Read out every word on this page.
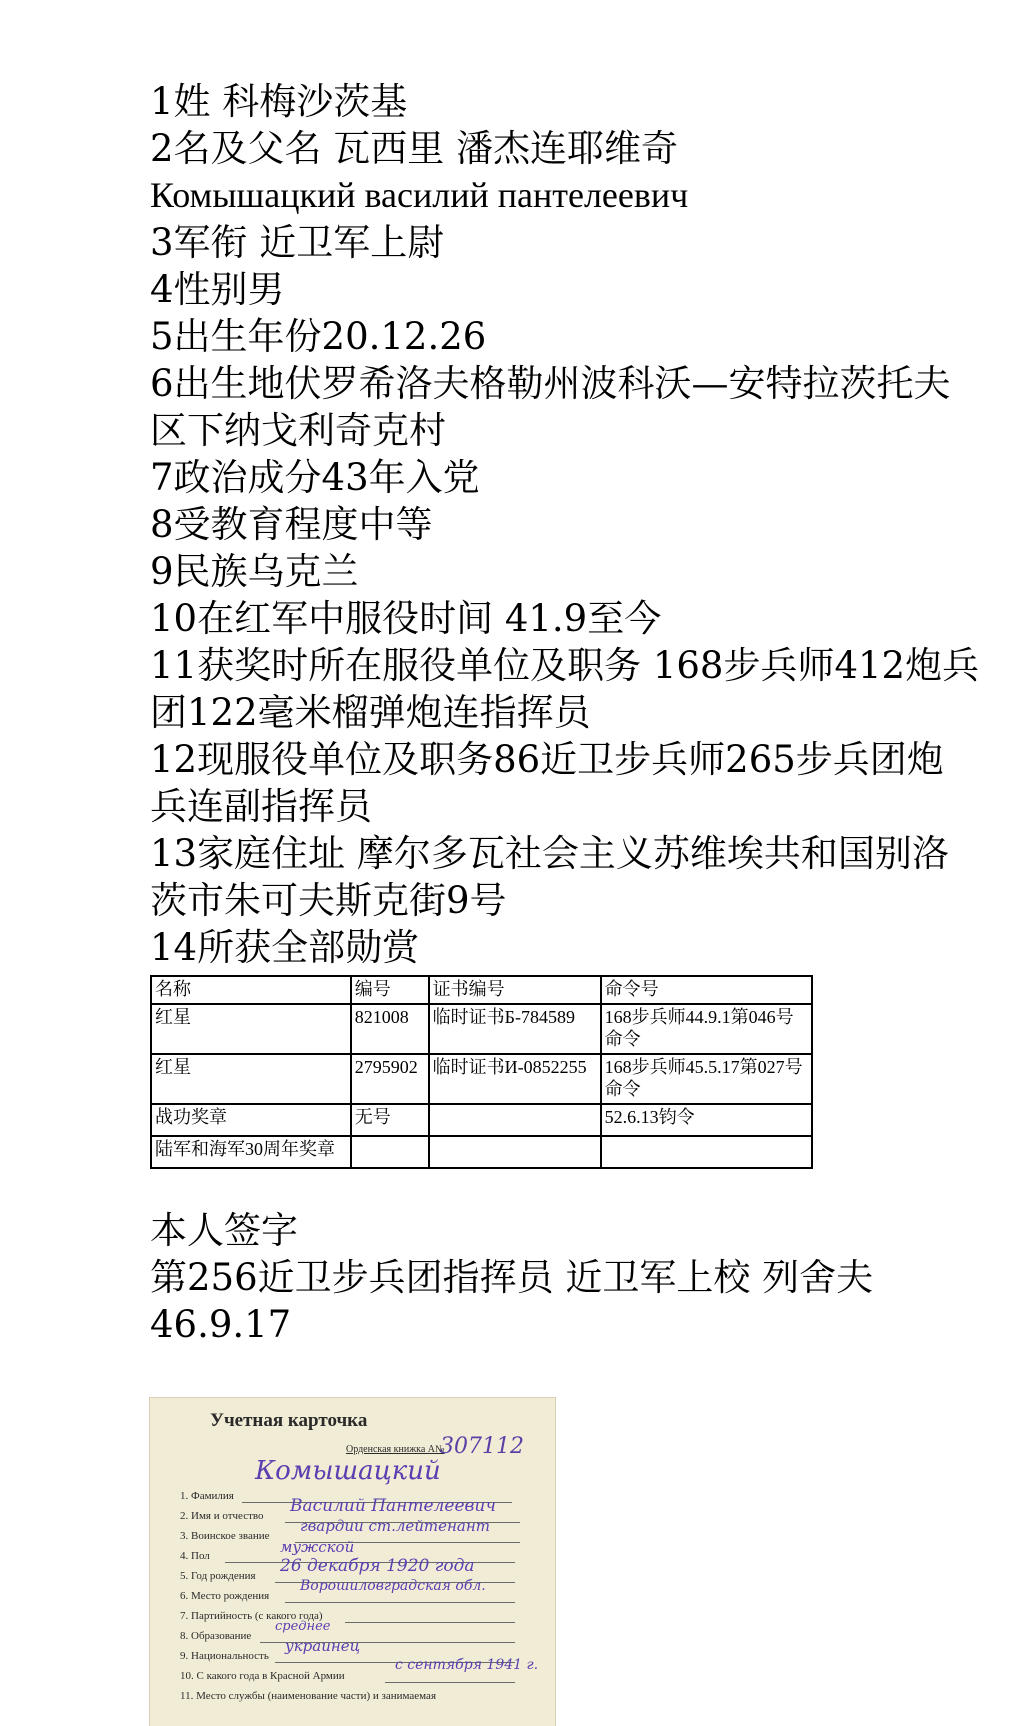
1姓 科梅沙茨基

2名及父名 瓦西里 潘杰连耶维奇

Комышацкий василий пантелеевич

3军衔 近卫军上尉

4性别男

5出生年份20.12.26

6出生地伏罗希洛夫格勒州波科沃—安特拉茨托夫区下纳戈利奇克村

7政治成分43年入党

8受教育程度中等

9民族乌克兰

10在红军中服役时间 41.9至今

11获奖时所在服役单位及职务 168步兵师412炮兵团122毫米榴弹炮连指挥员

12现服役单位及职务86近卫步兵师265步兵团炮兵连副指挥员

13家庭住址 摩尔多瓦社会主义苏维埃共和国别洛茨市朱可夫斯克街9号

14所获全部勋赏

名称	编号	证书编号	命令号
红星	821008	临时证书Б-784589	168步兵师44.9.1第046号命令
红星	2795902	临时证书И-0852255	168步兵师45.5.17第027号命令
战功奖章	无号		52.6.13钧令
陆军和海军30周年奖章			

本人签字

第256近卫步兵团指挥员 近卫军上校 列舍夫

46.9.17

Учетная карточка
Орденская книжка А№
307112
Комышацкий
1. Фамилия
2. Имя и отчество Василий Пантелеевич
3. Воинское звание
гвардии ст.лейтенант
4. Пол	мужской
5. Год рождения 26 декабря 1920 года
6. Место рождения
Ворошиловградская обл.
7. Партийность (с какого года)
8. Образование
среднее
9. Национальность
украинец
10. С какого года в Красной Армии
с сентября 1941 г.
11. Место службы (наименование части) и занимаемая
